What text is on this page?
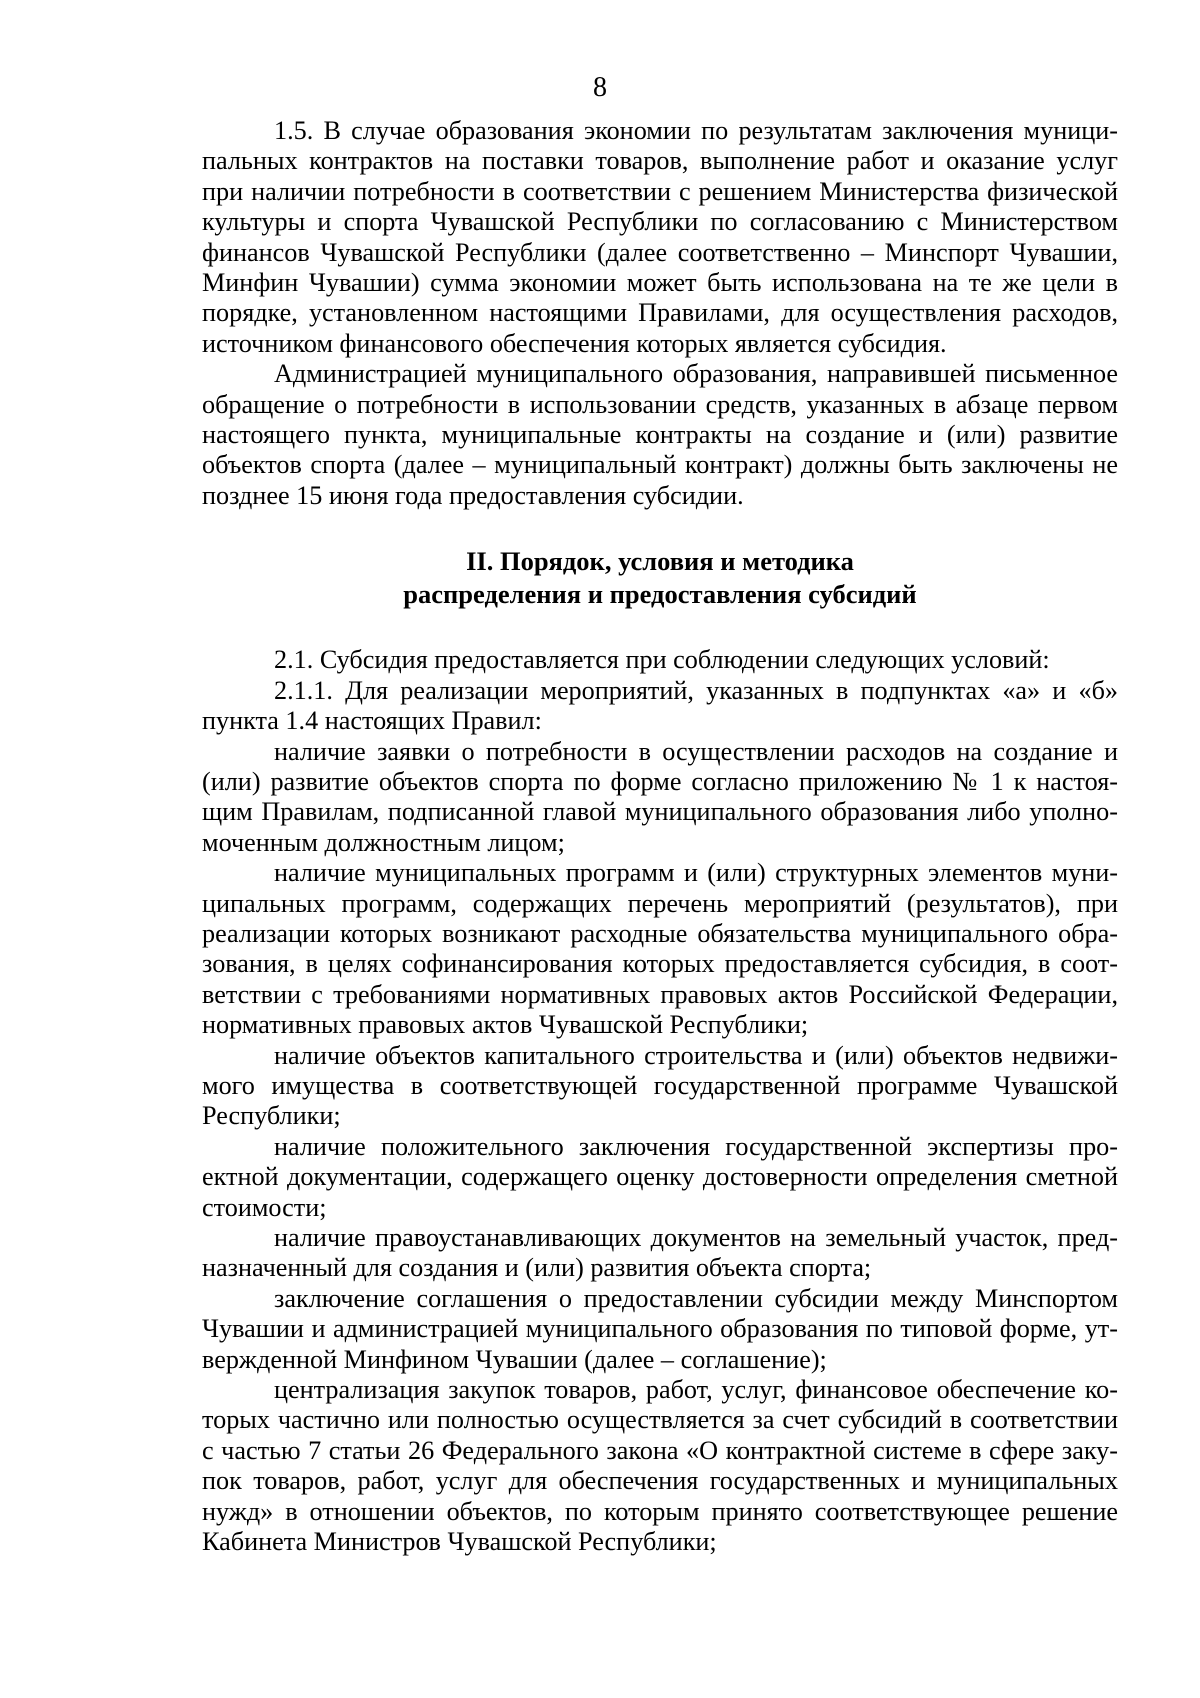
8

1.5. В случае образования экономии по результатам заключения муниципальных контрактов на поставки товаров, выполнение работ и оказание услуг при наличии потребности в соответствии с решением Министерства физической культуры и спорта Чувашской Республики по согласованию с Министерством финансов Чувашской Республики (далее соответственно – Минспорт Чувашии, Минфин Чувашии) сумма экономии может быть использована на те же цели в порядке, установленном настоящими Правилами, для осуществления расходов, источником финансового обеспечения которых является субсидия.

Администрацией муниципального образования, направившей письменное обращение о потребности в использовании средств, указанных в абзаце первом настоящего пункта, муниципальные контракты на создание и (или) развитие объектов спорта (далее – муниципальный контракт) должны быть заключены не позднее 15 июня года предоставления субсидии.

II. Порядок, условия и методика
распределения и предоставления субсидий

2.1. Субсидия предоставляется при соблюдении следующих условий:

2.1.1. Для реализации мероприятий, указанных в подпунктах «а» и «б» пункта 1.4 настоящих Правил:

наличие заявки о потребности в осуществлении расходов на создание и (или) развитие объектов спорта по форме согласно приложению № 1 к настоящим Правилам, подписанной главой муниципального образования либо уполномоченным должностным лицом;

наличие муниципальных программ и (или) структурных элементов муниципальных программ, содержащих перечень мероприятий (результатов), при реализации которых возникают расходные обязательства муниципального образования, в целях софинансирования которых предоставляется субсидия, в соответствии с требованиями нормативных правовых актов Российской Федерации, нормативных правовых актов Чувашской Республики;

наличие объектов капитального строительства и (или) объектов недвижимого имущества в соответствующей государственной программе Чувашской Республики;

наличие положительного заключения государственной экспертизы проектной документации, содержащего оценку достоверности определения сметной стоимости;

наличие правоустанавливающих документов на земельный участок, предназначенный для создания и (или) развития объекта спорта;

заключение соглашения о предоставлении субсидии между Минспортом Чувашии и администрацией муниципального образования по типовой форме, утвержденной Минфином Чувашии (далее – соглашение);

централизация закупок товаров, работ, услуг, финансовое обеспечение которых частично или полностью осуществляется за счет субсидий в соответствии с частью 7 статьи 26 Федерального закона «О контрактной системе в сфере закупок товаров, работ, услуг для обеспечения государственных и муниципальных нужд» в отношении объектов, по которым принято соответствующее решение Кабинета Министров Чувашской Республики;
